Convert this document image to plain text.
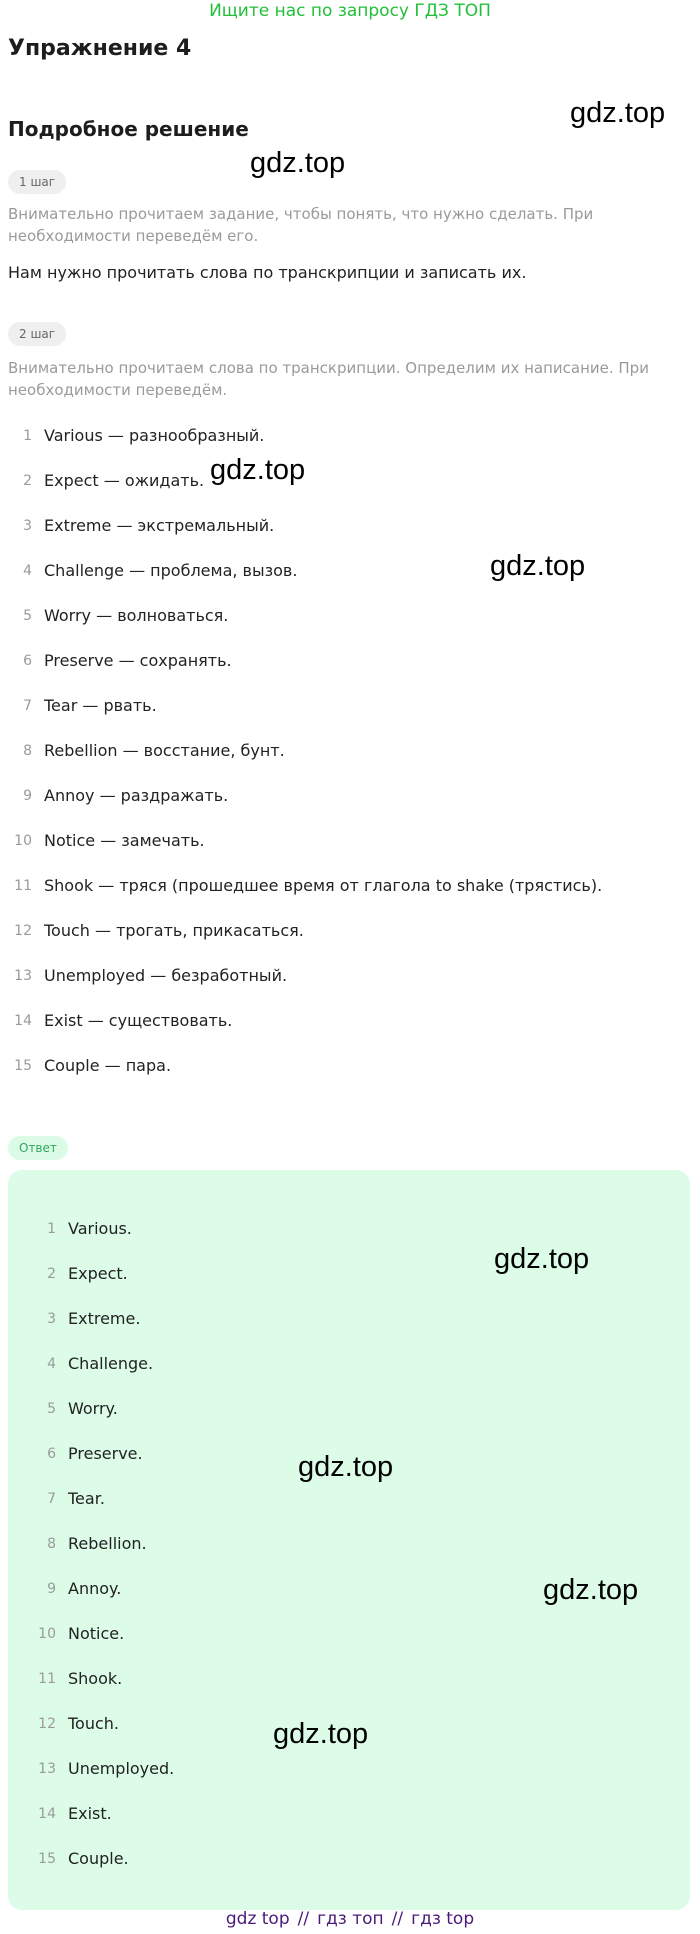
Ищите нас по запросу ГДЗ ТОП
Упражнение 4
Подробное решение
1 шаг

Внимательно прочитаем задание, чтобы понять, что нужно сделать. При необходимости переведём его.

Нам нужно прочитать слова по транскрипции и записать их.

2 шаг

Внимательно прочитаем слова по транскрипции. Определим их написание. При необходимости переведём.

1 Various — разнообразный.
2 Expect — ожидать.
3 Extreme — экстремальный.
4 Challenge — проблема, вызов.
5 Worry — волноваться.
6 Preserve — сохранять.
7 Tear — рвать.
8 Rebellion — восстание, бунт.
9 Annoy — раздражать.
10 Notice — замечать.
11 Shook — тряся (прошедшее время от глагола to shake (трястись).
12 Touch — трогать, прикасаться.
13 Unemployed — безработный.
14 Exist — существовать.
15 Couple — пара.
Ответ
1 Various.
2 Expect.
3 Extreme.
4 Challenge.
5 Worry.
6 Preserve.
7 Tear.
8 Rebellion.
9 Annoy.
10 Notice.
11 Shook.
12 Touch.
13 Unemployed.
14 Exist.
15 Couple.
gdz.top
gdz.top
gdz.top
gdz.top
gdz.top
gdz.top
gdz.top
gdz.top
gdz top // гдз топ // гдз top
